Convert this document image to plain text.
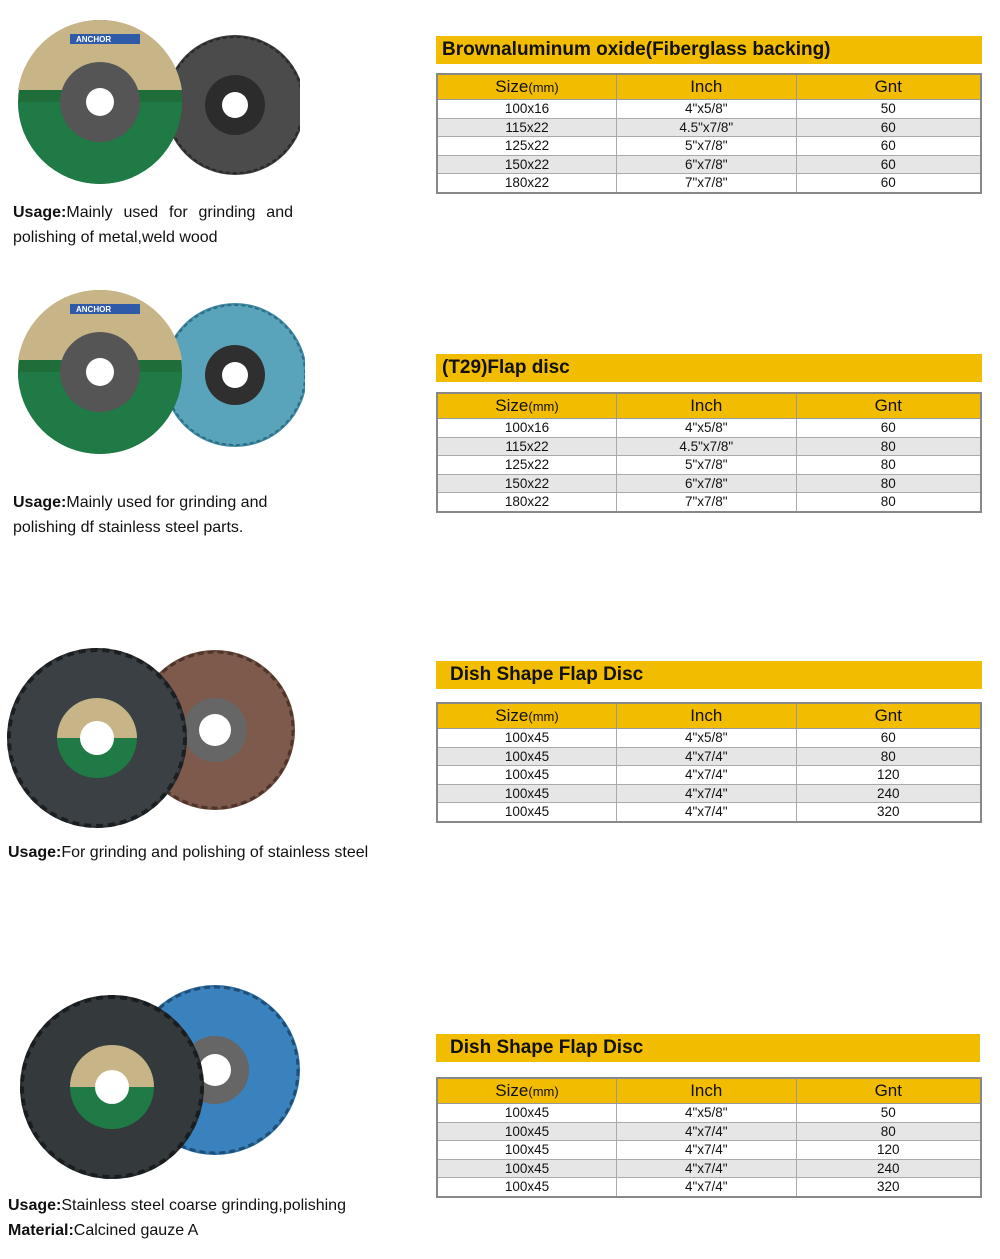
ANCHOR
Usage:Mainly used for grinding and polishing of metal,weld wood
Brownaluminum oxide(Fiberglass backing)
Size(mm)	Inch	Gnt
100x16	4"x5/8"	50
115x22	4.5"x7/8"	60
125x22	5"x7/8"	60
150x22	6"x7/8"	60
180x22	7"x7/8"	60
ANCHOR
Usage:Mainly used for grinding and polishing df stainless steel parts.
(T29)Flap disc
Size(mm)	Inch	Gnt
100x16	4"x5/8"	60
115x22	4.5"x7/8"	80
125x22	5"x7/8"	80
150x22	6"x7/8"	80
180x22	7"x7/8"	80
Usage:For grinding and polishing of stainless steel
Dish Shape Flap Disc
Size(mm)	Inch	Gnt
100x45	4"x5/8"	60
100x45	4"x7/4"	80
100x45	4"x7/4"	120
100x45	4"x7/4"	240
100x45	4"x7/4"	320
Usage:Stainless steel coarse grinding,polishing
Material:Calcined gauze A
Dish Shape Flap Disc
Size(mm)	Inch	Gnt
100x45	4"x5/8"	50
100x45	4"x7/4"	80
100x45	4"x7/4"	120
100x45	4"x7/4"	240
100x45	4"x7/4"	320
